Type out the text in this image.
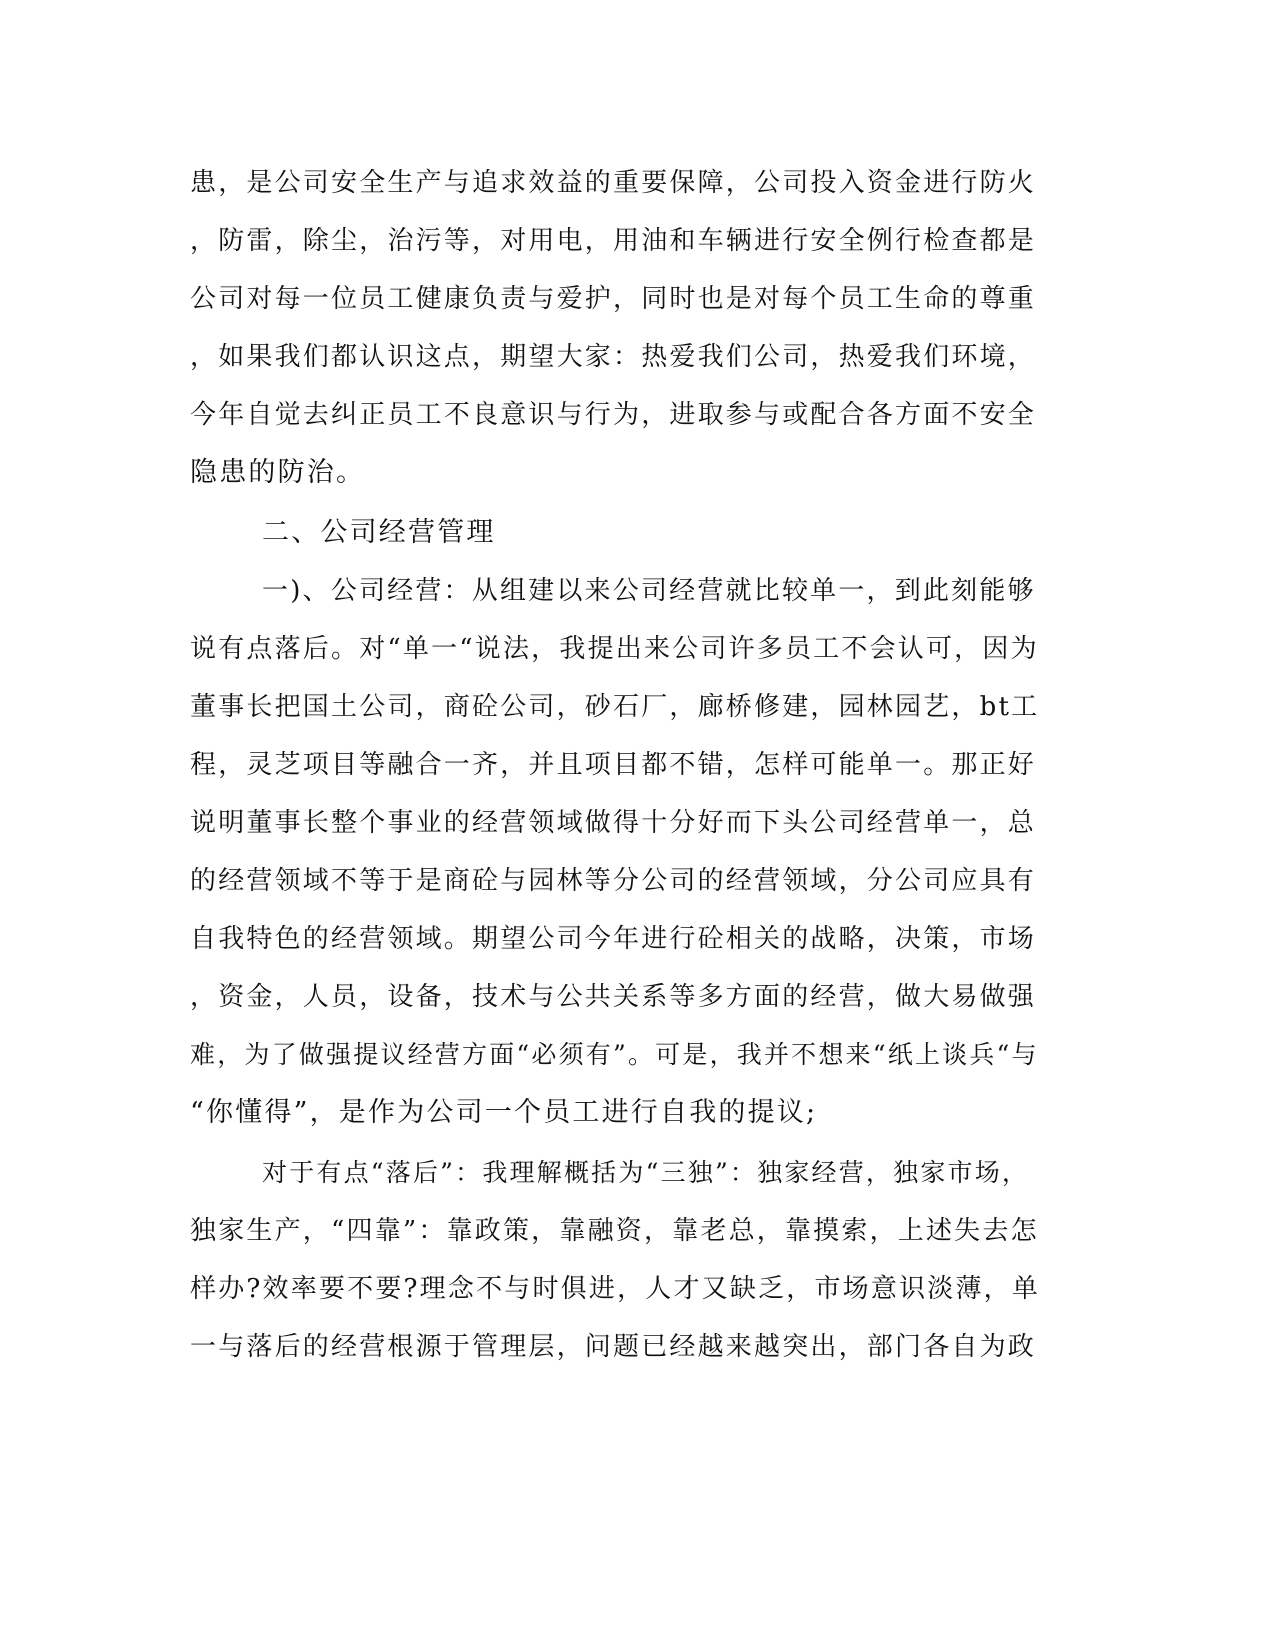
患，是公司安全生产与追求效益的重要保障，公司投入资金进行防火
，防雷，除尘，治污等，对用电，用油和车辆进行安全例行检查都是
公司对每一位员工健康负责与爱护，同时也是对每个员工生命的尊重
，如果我们都认识这点，期望大家：热爱我们公司，热爱我们环境，
今年自觉去纠正员工不良意识与行为，进取参与或配合各方面不安全
隐患的防治。
二、公司经营管理
一)、公司经营：从组建以来公司经营就比较单一，到此刻能够
说有点落后。对“单一“说法，我提出来公司许多员工不会认可，因为
董事长把国土公司，商砼公司，砂石厂，廊桥修建，园林园艺，bt工
程，灵芝项目等融合一齐，并且项目都不错，怎样可能单一。那正好
说明董事长整个事业的经营领域做得十分好而下头公司经营单一，总
的经营领域不等于是商砼与园林等分公司的经营领域，分公司应具有
自我特色的经营领域。期望公司今年进行砼相关的战略，决策，市场
，资金，人员，设备，技术与公共关系等多方面的经营，做大易做强
难，为了做强提议经营方面“必须有”。可是，我并不想来“纸上谈兵“与
“你懂得”，是作为公司一个员工进行自我的提议;
对于有点“落后”：我理解概括为“三独”：独家经营，独家市场，
独家生产，“四靠”：靠政策，靠融资，靠老总，靠摸索，上述失去怎
样办?效率要不要?理念不与时俱进，人才又缺乏，市场意识淡薄，单
一与落后的经营根源于管理层，问题已经越来越突出，部门各自为政
